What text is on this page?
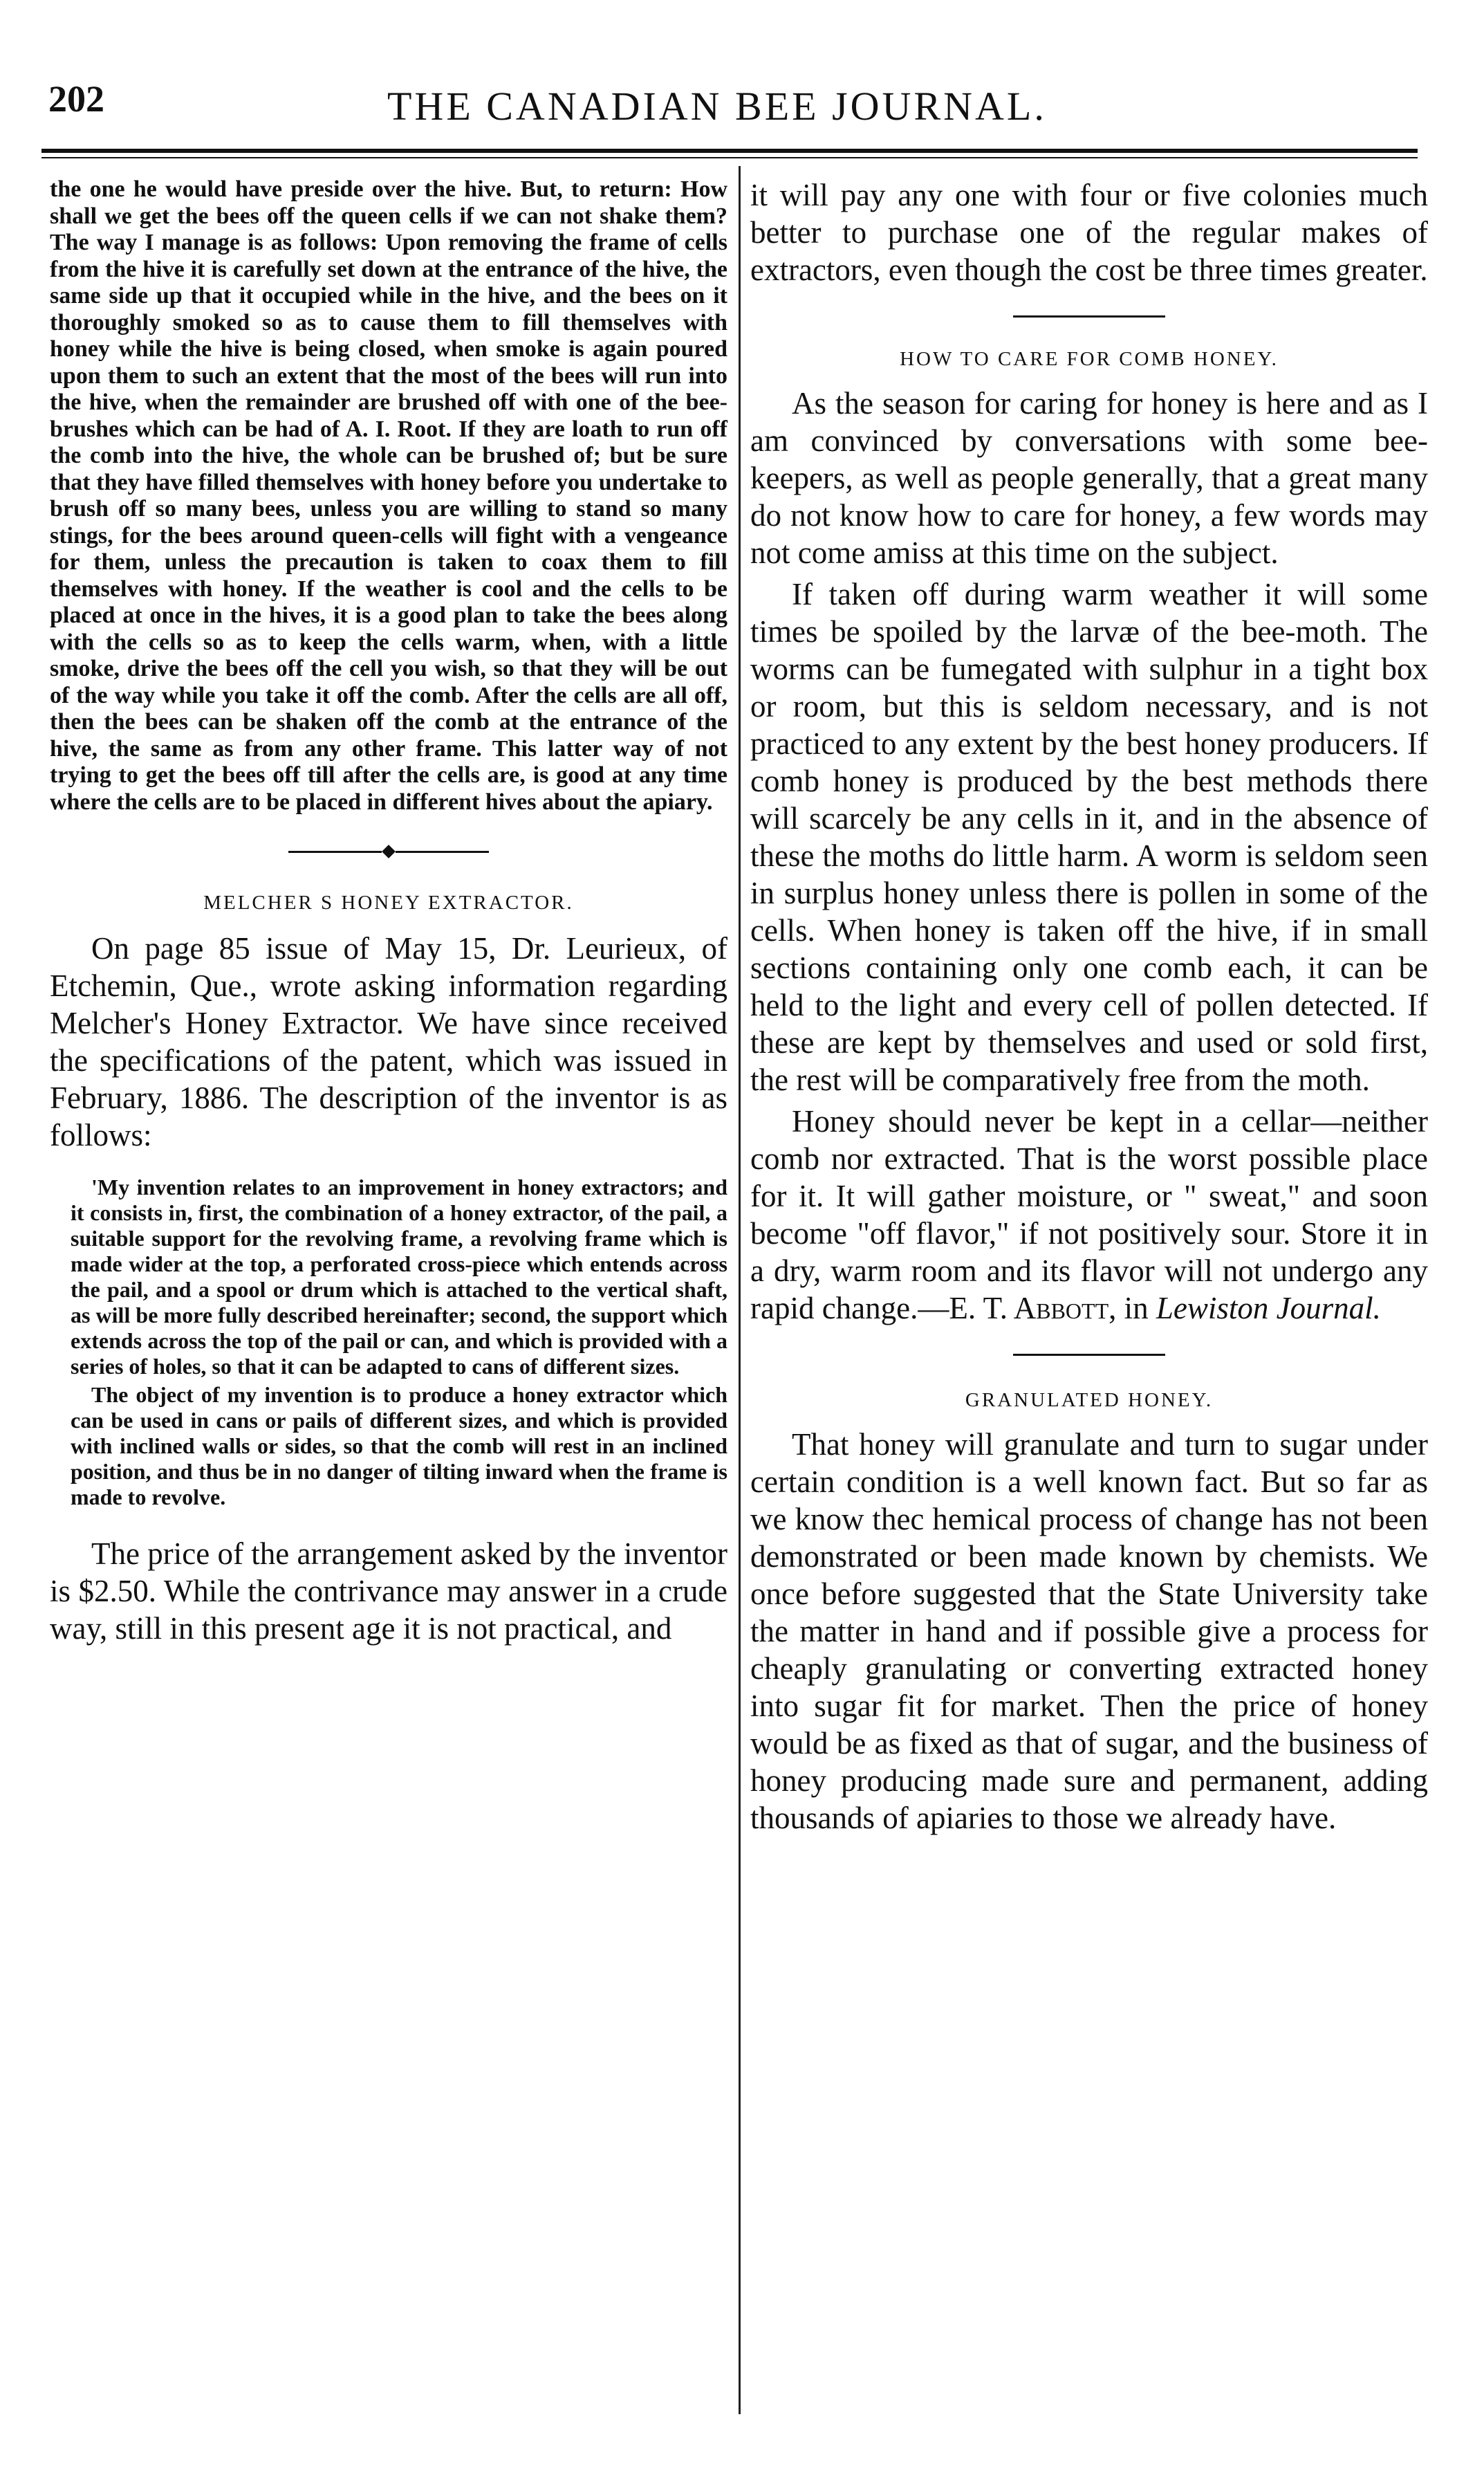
202	THE CANADIAN BEE JOURNAL.

the one he would have preside over the hive. But, to return: How shall we get the bees off the queen cells if we can not shake them? The way I manage is as follows: Upon removing the frame of cells from the hive it is carefully set down at the entrance of the hive, the same side up that it occupied while in the hive, and the bees on it thoroughly smoked so as to cause them to fill themselves with honey while the hive is being closed, when smoke is again poured upon them to such an extent that the most of the bees will run into the hive, when the remainder are brushed off with one of the bee-brushes which can be had of A. I. Root. If they are loath to run off the comb into the hive, the whole can be brushed of; but be sure that they have filled themselves with honey before you undertake to brush off so many bees, unless you are willing to stand so many stings, for the bees around queen-cells will fight with a vengeance for them, unless the precaution is taken to coax them to fill themselves with honey. If the weather is cool and the cells to be placed at once in the hives, it is a good plan to take the bees along with the cells so as to keep the cells warm, when, with a little smoke, drive the bees off the cell you wish, so that they will be out of the way while you take it off the comb. After the cells are all off, then the bees can be shaken off the comb at the entrance of the hive, the same as from any other frame. This latter way of not trying to get the bees off till after the cells are, is good at any time where the cells are to be placed in different hives about the apiary.

MELCHER S HONEY EXTRACTOR.

On page 85 issue of May 15, Dr. Leurieux, of Etchemin, Que., wrote asking information regarding Melcher's Honey Extractor. We have since received the specifications of the patent, which was issued in February, 1886. The description of the inventor is as follows:

'My invention relates to an improvement in honey extractors; and it consists in, first, the combination of a honey extractor, of the pail, a suitable support for the revolving frame, a revolving frame which is made wider at the top, a perforated cross-piece which entends across the pail, and a spool or drum which is attached to the vertical shaft, as will be more fully described hereinafter; second, the support which extends across the top of the pail or can, and which is provided with a series of holes, so that it can be adapted to cans of different sizes.

The object of my invention is to produce a honey extractor which can be used in cans or pails of different sizes, and which is provided with inclined walls or sides, so that the comb will rest in an inclined position, and thus be in no danger of tilting inward when the frame is made to revolve.

The price of the arrangement asked by the inventor is $2.50. While the contrivance may answer in a crude way, still in this present age it is not practical, and

it will pay any one with four or five colonies much better to purchase one of the regular makes of extractors, even though the cost be three times greater.

HOW TO CARE FOR COMB HONEY.

As the season for caring for honey is here and as I am convinced by conversations with some bee-keepers, as well as people generally, that a great many do not know how to care for honey, a few words may not come amiss at this time on the subject.

If taken off during warm weather it will some times be spoiled by the larvæ of the bee-moth. The worms can be fumegated with sulphur in a tight box or room, but this is seldom necessary, and is not practiced to any extent by the best honey producers. If comb honey is produced by the best methods there will scarcely be any cells in it, and in the absence of these the moths do little harm. A worm is seldom seen in surplus honey unless there is pollen in some of the cells. When honey is taken off the hive, if in small sections containing only one comb each, it can be held to the light and every cell of pollen detected. If these are kept by themselves and used or sold first, the rest will be comparatively free from the moth.

Honey should never be kept in a cellar—neither comb nor extracted. That is the worst possible place for it. It will gather moisture, or " sweat," and soon become "off flavor," if not positively sour. Store it in a dry, warm room and its flavor will not undergo any rapid change.—E. T. Abbott, in Lewiston Journal.

GRANULATED HONEY.

That honey will granulate and turn to sugar under certain condition is a well known fact. But so far as we know thec hemical process of change has not been demonstrated or been made known by chemists. We once before suggested that the State University take the matter in hand and if possible give a process for cheaply granulating or converting extracted honey into sugar fit for market. Then the price of honey would be as fixed as that of sugar, and the business of honey producing made sure and permanent, adding thousands of apiaries to those we already have.
